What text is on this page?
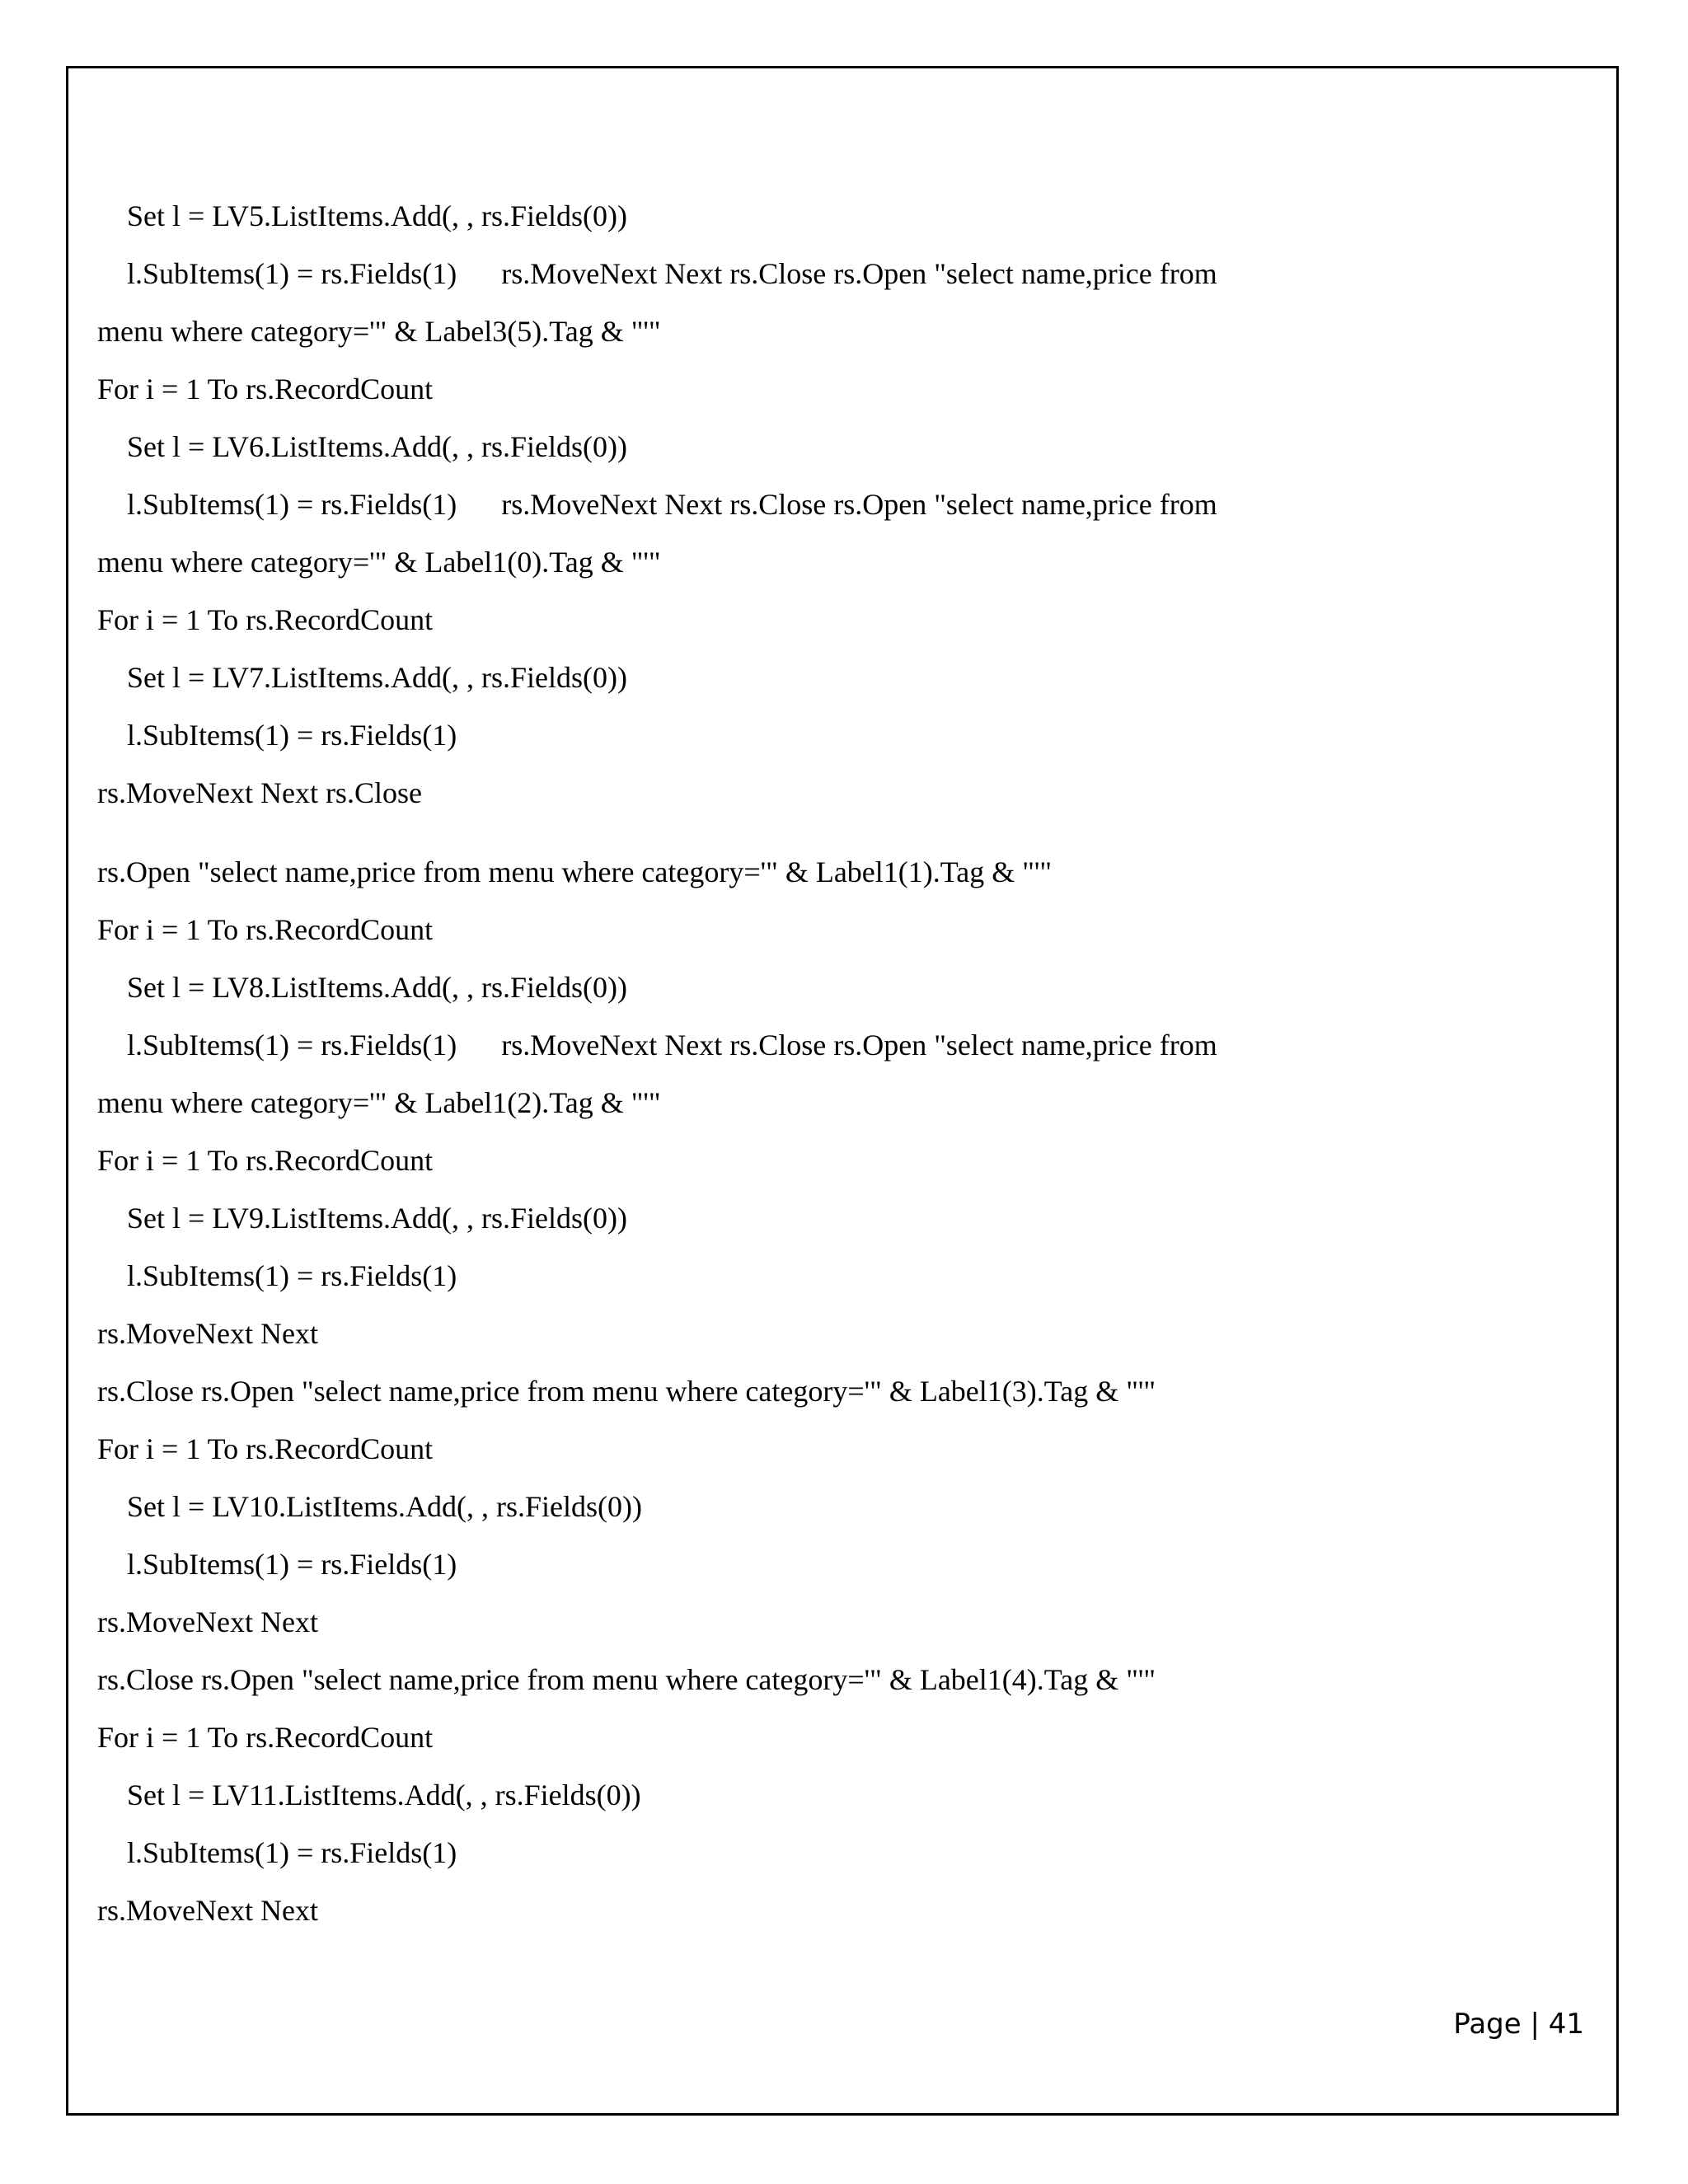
Set l = LV5.ListItems.Add(, , rs.Fields(0))
l.SubItems(1) = rs.Fields(1)      rs.MoveNext Next rs.Close rs.Open "select name,price from
menu where category='" & Label3(5).Tag & "'"
For i = 1 To rs.RecordCount
Set l = LV6.ListItems.Add(, , rs.Fields(0))
l.SubItems(1) = rs.Fields(1)      rs.MoveNext Next rs.Close rs.Open "select name,price from
menu where category='" & Label1(0).Tag & "'"
For i = 1 To rs.RecordCount
Set l = LV7.ListItems.Add(, , rs.Fields(0))
l.SubItems(1) = rs.Fields(1)
rs.MoveNext Next rs.Close
rs.Open "select name,price from menu where category='" & Label1(1).Tag & "'"
For i = 1 To rs.RecordCount
Set l = LV8.ListItems.Add(, , rs.Fields(0))
l.SubItems(1) = rs.Fields(1)      rs.MoveNext Next rs.Close rs.Open "select name,price from
menu where category='" & Label1(2).Tag & "'"
For i = 1 To rs.RecordCount
Set l = LV9.ListItems.Add(, , rs.Fields(0))
l.SubItems(1) = rs.Fields(1)
rs.MoveNext Next
rs.Close rs.Open "select name,price from menu where category='" & Label1(3).Tag & "'"
For i = 1 To rs.RecordCount
Set l = LV10.ListItems.Add(, , rs.Fields(0))
l.SubItems(1) = rs.Fields(1)
rs.MoveNext Next
rs.Close rs.Open "select name,price from menu where category='" & Label1(4).Tag & "'"
For i = 1 To rs.RecordCount
Set l = LV11.ListItems.Add(, , rs.Fields(0))
l.SubItems(1) = rs.Fields(1)
rs.MoveNext Next
Page | 41
